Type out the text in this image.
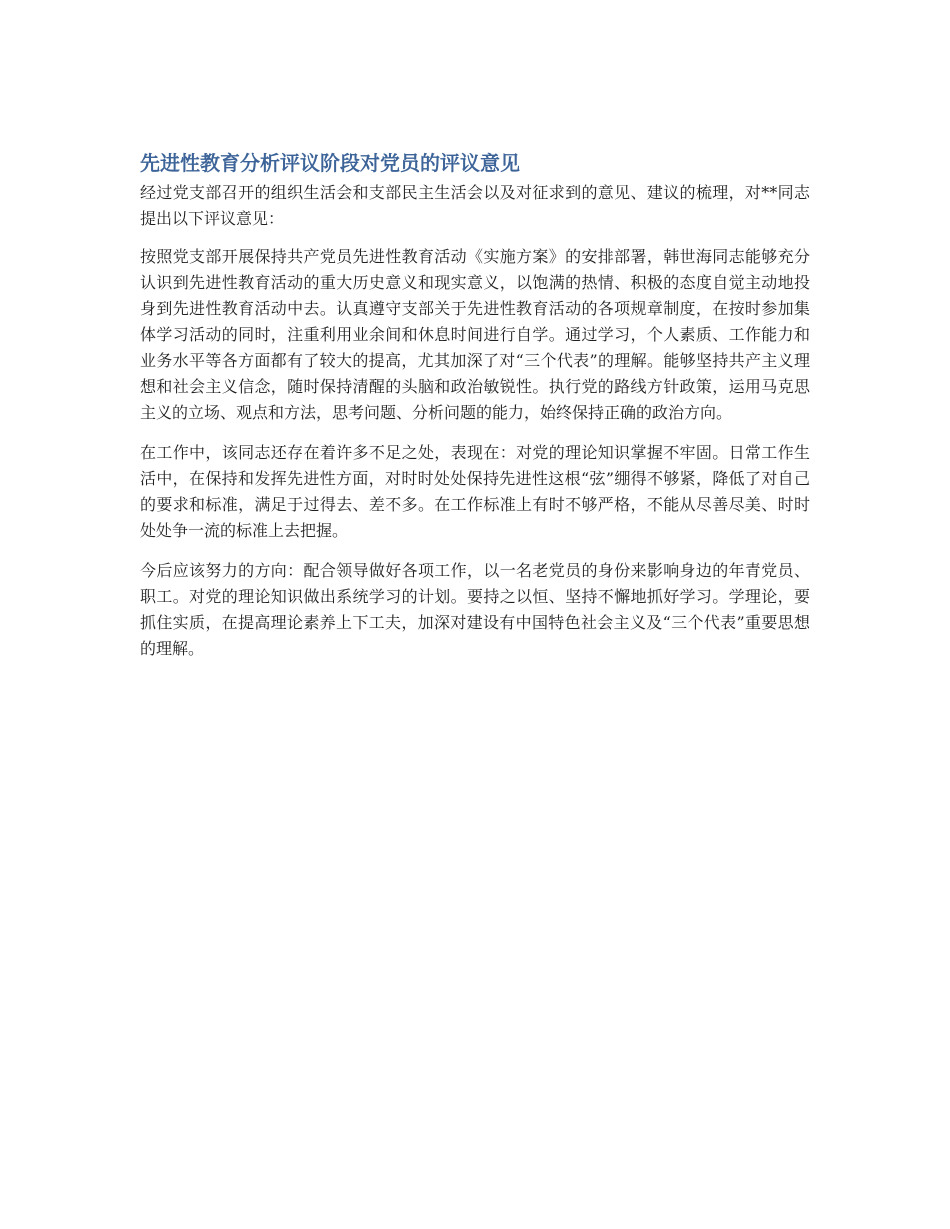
先进性教育分析评议阶段对党员的评议意见

经过党支部召开的组织生活会和支部民主生活会以及对征求到的意见、建议的梳理，对**同志提出以下评议意见：

按照党支部开展保持共产党员先进性教育活动《实施方案》的安排部署，韩世海同志能够充分认识到先进性教育活动的重大历史意义和现实意义，以饱满的热情、积极的态度自觉主动地投身到先进性教育活动中去。认真遵守支部关于先进性教育活动的各项规章制度，在按时参加集体学习活动的同时，注重利用业余间和休息时间进行自学。通过学习，个人素质、工作能力和业务水平等各方面都有了较大的提高，尤其加深了对“三个代表”的理解。能够坚持共产主义理想和社会主义信念，随时保持清醒的头脑和政治敏锐性。执行党的路线方针政策，运用马克思主义的立场、观点和方法，思考问题、分析问题的能力，始终保持正确的政治方向。

在工作中，该同志还存在着许多不足之处，表现在：对党的理论知识掌握不牢固。日常工作生活中，在保持和发挥先进性方面，对时时处处保持先进性这根“弦”绷得不够紧，降低了对自己的要求和标准，满足于过得去、差不多。在工作标准上有时不够严格，不能从尽善尽美、时时处处争一流的标准上去把握。

今后应该努力的方向：配合领导做好各项工作，以一名老党员的身份来影响身边的年青党员、职工。对党的理论知识做出系统学习的计划。要持之以恒、坚持不懈地抓好学习。学理论，要抓住实质，在提高理论素养上下工夫，加深对建设有中国特色社会主义及“三个代表”重要思想的理解。
